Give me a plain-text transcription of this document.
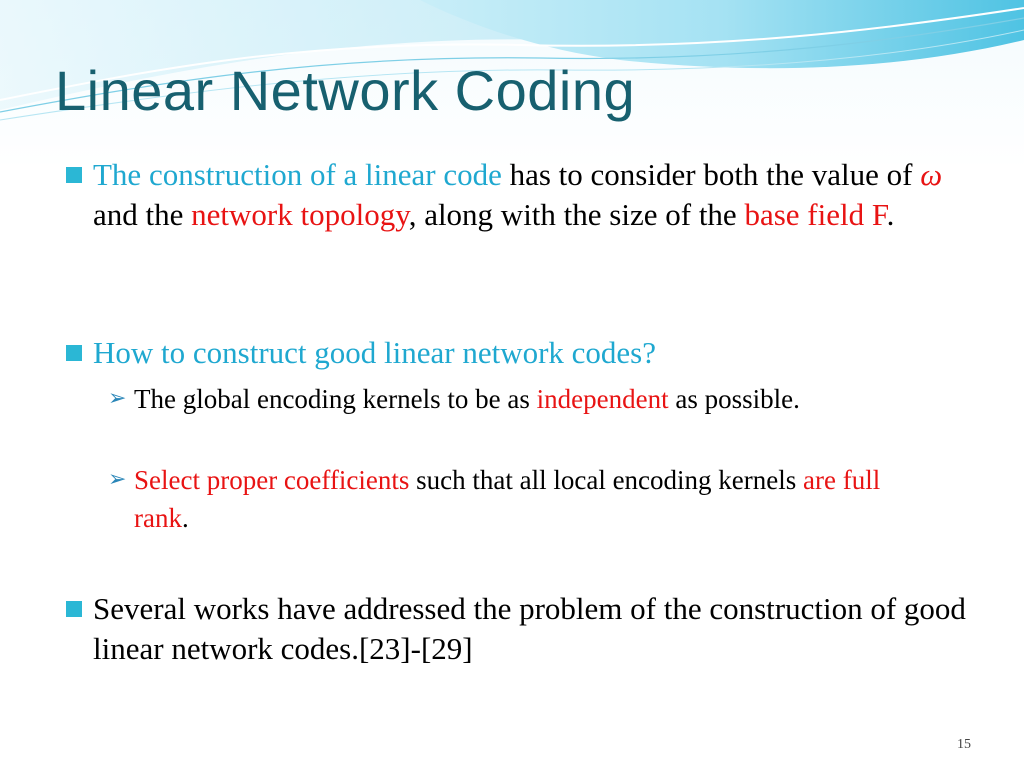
Linear Network Coding
The construction of a linear code has to consider both the value of ω and the network topology, along with the size of the base field F.
How to construct good linear network codes?
➢ The global encoding kernels to be as independent as possible.
➢ Select proper coefficients such that all local encoding kernels are full rank.
Several works have addressed the problem of the construction of good linear network codes.[23]-[29]
15
